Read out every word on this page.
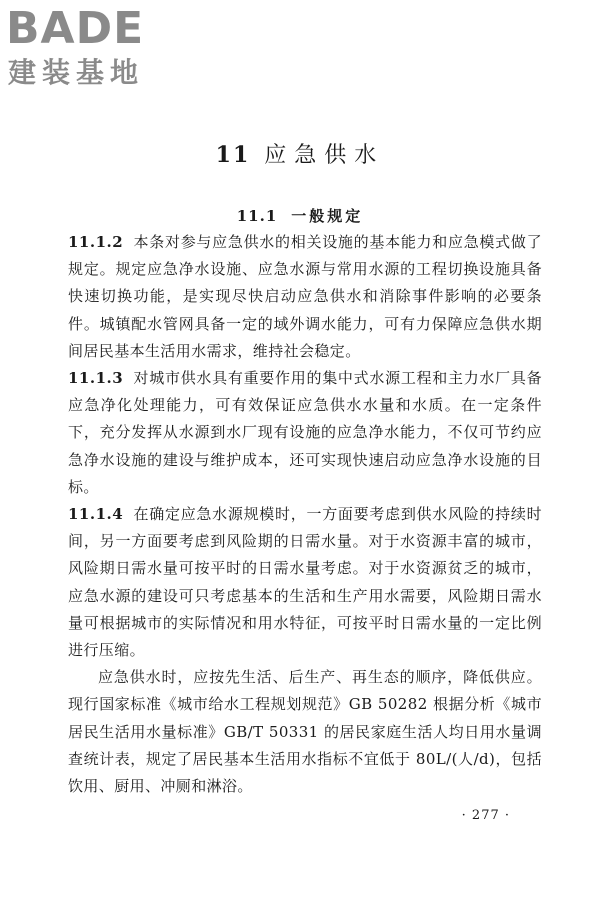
BADE
建装基地
11 应急供水
11.1 一般规定

11.1.2 本条对参与应急供水的相关设施的基本能力和应急模式做了规定。规定应急净水设施、应急水源与常用水源的工程切换设施具备快速切换功能，是实现尽快启动应急供水和消除事件影响的必要条件。城镇配水管网具备一定的域外调水能力，可有力保障应急供水期间居民基本生活用水需求，维持社会稳定。

11.1.3 对城市供水具有重要作用的集中式水源工程和主力水厂具备应急净化处理能力，可有效保证应急供水水量和水质。在一定条件下，充分发挥从水源到水厂现有设施的应急净水能力，不仅可节约应急净水设施的建设与维护成本，还可实现快速启动应急净水设施的目标。

11.1.4 在确定应急水源规模时，一方面要考虑到供水风险的持续时间，另一方面要考虑到风险期的日需水量。对于水资源丰富的城市，风险期日需水量可按平时的日需水量考虑。对于水资源贫乏的城市，应急水源的建设可只考虑基本的生活和生产用水需要，风险期日需水量可根据城市的实际情况和用水特征，可按平时日需水量的一定比例进行压缩。

应急供水时，应按先生活、后生产、再生态的顺序，降低供应。现行国家标准《城市给水工程规划规范》GB 50282 根据分析《城市居民生活用水量标准》GB/T 50331 的居民家庭生活人均日用水量调查统计表，规定了居民基本生活用水指标不宜低于 80L/(人/d)，包括饮用、厨用、冲厕和淋浴。

· 277 ·
